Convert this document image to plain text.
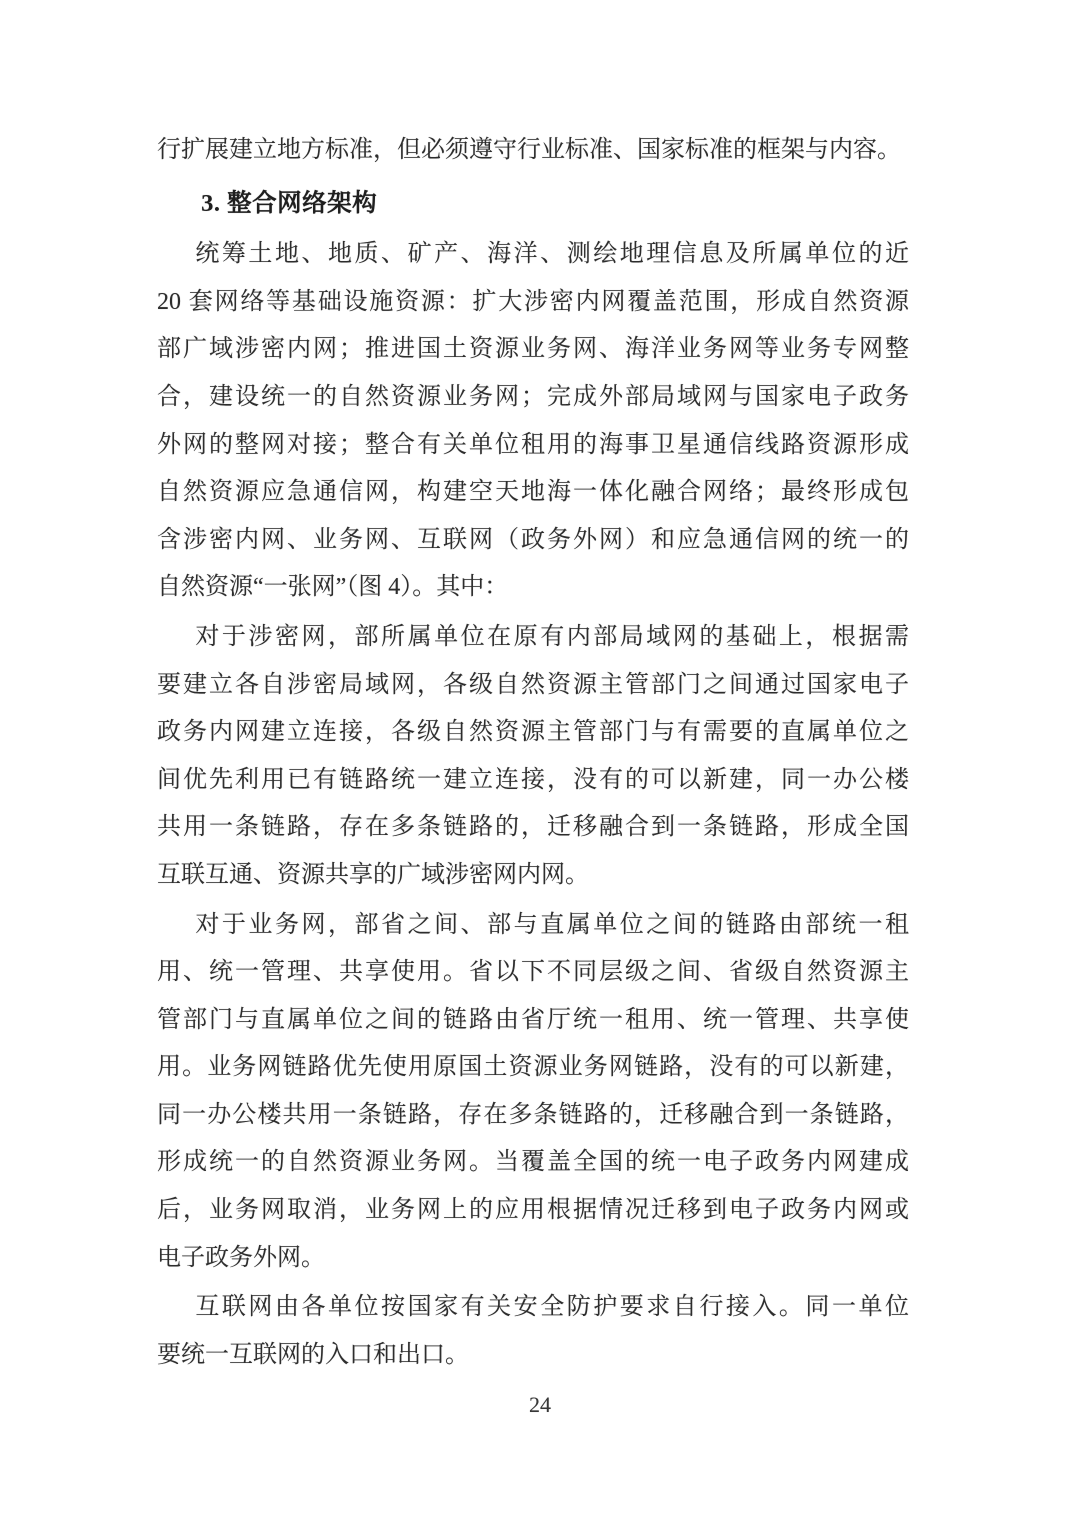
行扩展建立地方标准，但必须遵守行业标准、国家标准的框架与内容。

3. 整合网络架构

统筹土地、地质、矿产、海洋、测绘地理信息及所属单位的近
20 套网络等基础设施资源：扩大涉密内网覆盖范围，形成自然资源
部广域涉密内网；推进国土资源业务网、海洋业务网等业务专网整
合，建设统一的自然资源业务网；完成外部局域网与国家电子政务
外网的整网对接；整合有关单位租用的海事卫星通信线路资源形成
自然资源应急通信网，构建空天地海一体化融合网络；最终形成包
含涉密内网、业务网、互联网（政务外网）和应急通信网的统一的
自然资源“一张网”（图 4）。其中：

对于涉密网，部所属单位在原有内部局域网的基础上，根据需
要建立各自涉密局域网，各级自然资源主管部门之间通过国家电子
政务内网建立连接，各级自然资源主管部门与有需要的直属单位之
间优先利用已有链路统一建立连接，没有的可以新建，同一办公楼
共用一条链路，存在多条链路的，迁移融合到一条链路，形成全国
互联互通、资源共享的广域涉密网内网。

对于业务网，部省之间、部与直属单位之间的链路由部统一租
用、统一管理、共享使用。省以下不同层级之间、省级自然资源主
管部门与直属单位之间的链路由省厅统一租用、统一管理、共享使
用。业务网链路优先使用原国土资源业务网链路，没有的可以新建，
同一办公楼共用一条链路，存在多条链路的，迁移融合到一条链路，
形成统一的自然资源业务网。当覆盖全国的统一电子政务内网建成
后，业务网取消，业务网上的应用根据情况迁移到电子政务内网或
电子政务外网。

互联网由各单位按国家有关安全防护要求自行接入。同一单位
要统一互联网的入口和出口。

24
